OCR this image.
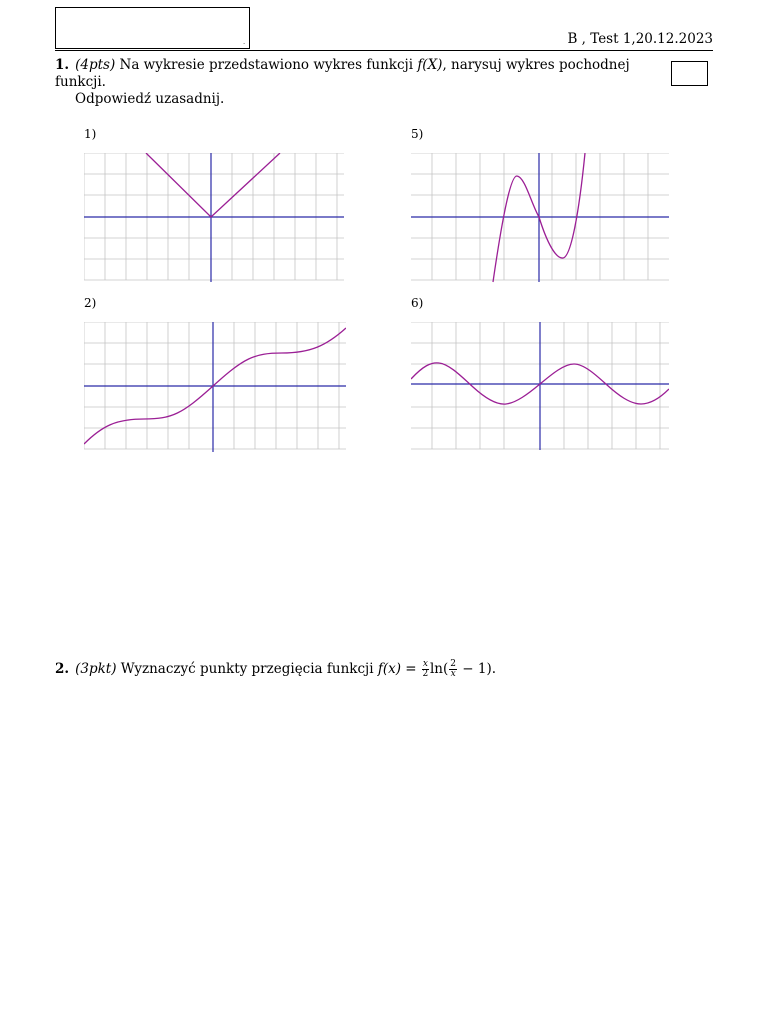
.	B , Test 1,20.12.2023
1. (4pts) Na wykresie przedstawiono wykres funkcji f(X), narysuj wykres pochodnej funkcji.
Odpowiedź uzasadnij.
1)	5)
2)	6)
2. (3pkt) Wyznaczyć punkty przegięcia funkcji $f(x) = \frac{x}{2} \ln( \frac{2}{x} - 1)$.
